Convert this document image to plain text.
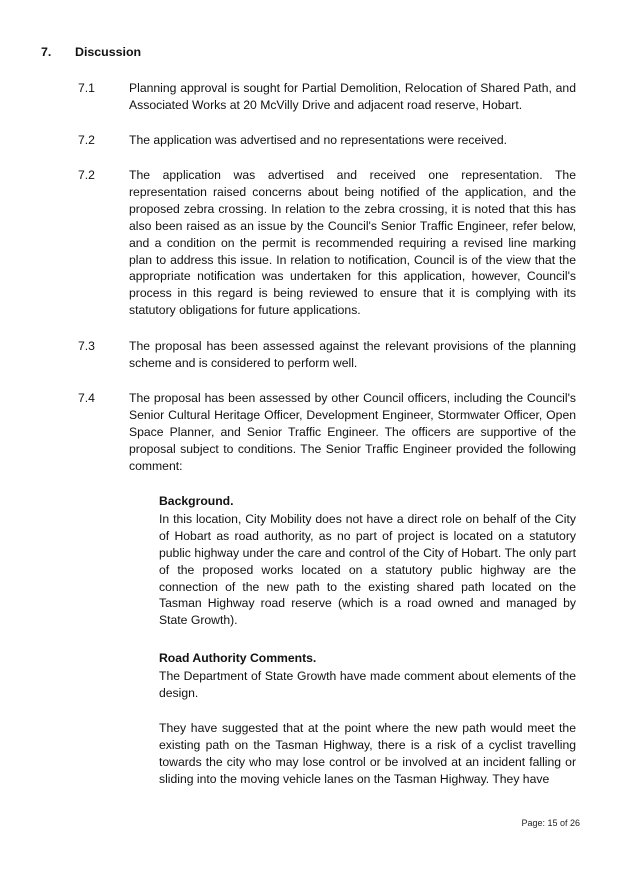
7.	Discussion
7.1	Planning approval is sought for Partial Demolition, Relocation of Shared Path, and Associated Works at 20 McVilly Drive and adjacent road reserve, Hobart.
7.2	The application was advertised and no representations were received.
7.2	The application was advertised and received one representation. The representation raised concerns about being notified of the application, and the proposed zebra crossing. In relation to the zebra crossing, it is noted that this has also been raised as an issue by the Council's Senior Traffic Engineer, refer below, and a condition on the permit is recommended requiring a revised line marking plan to address this issue. In relation to notification, Council is of the view that the appropriate notification was undertaken for this application, however, Council's process in this regard is being reviewed to ensure that it is complying with its statutory obligations for future applications.
7.3	The proposal has been assessed against the relevant provisions of the planning scheme and is considered to perform well.
7.4	The proposal has been assessed by other Council officers, including the Council's Senior Cultural Heritage Officer, Development Engineer, Stormwater Officer, Open Space Planner, and Senior Traffic Engineer. The officers are supportive of the proposal subject to conditions. The Senior Traffic Engineer provided the following comment:
Background.
In this location, City Mobility does not have a direct role on behalf of the City of Hobart as road authority, as no part of project is located on a statutory public highway under the care and control of the City of Hobart. The only part of the proposed works located on a statutory public highway are the connection of the new path to the existing shared path located on the Tasman Highway road reserve (which is a road owned and managed by State Growth).
Road Authority Comments.
The Department of State Growth have made comment about elements of the design.
They have suggested that at the point where the new path would meet the existing path on the Tasman Highway, there is a risk of a cyclist travelling towards the city who may lose control or be involved at an incident falling or sliding into the moving vehicle lanes on the Tasman Highway. They have
Page: 15 of 26
